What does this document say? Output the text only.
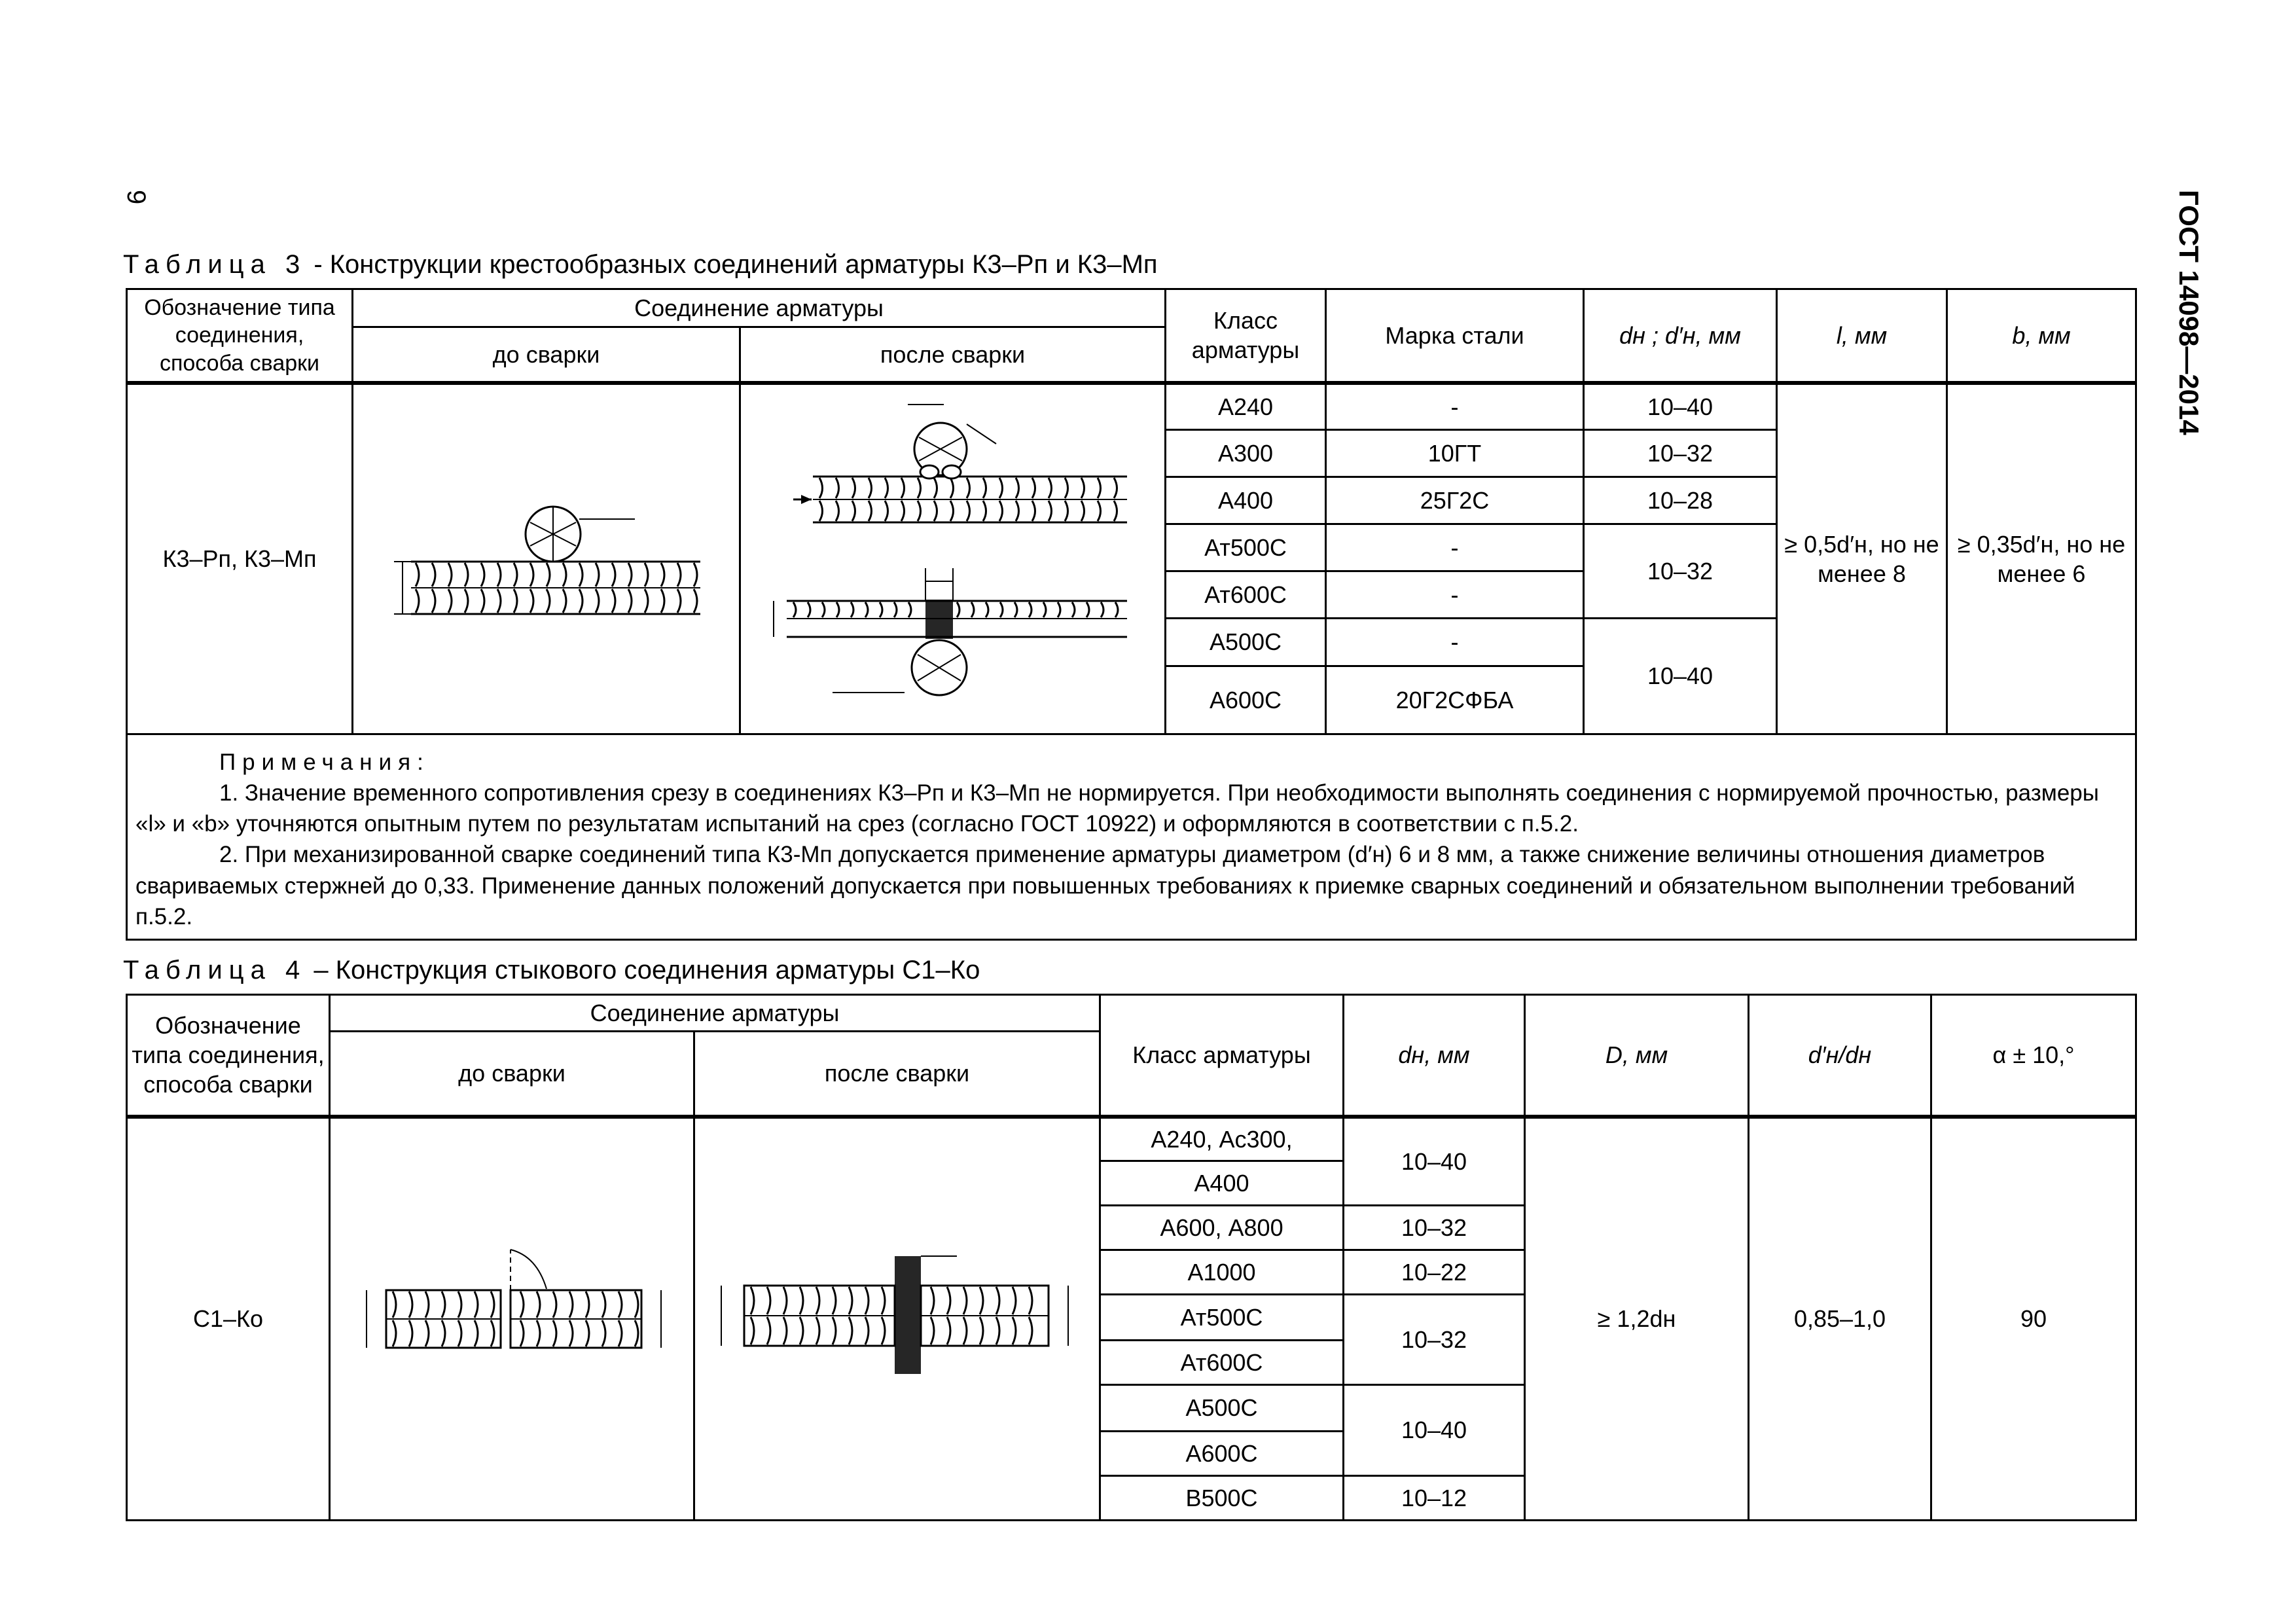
9	ГОСТ 14098—2014
Таблица 3 - Конструкции крестообразных соединений арматуры К3–Рп и К3–Мп
Обозначение типа соединения, способа сварки	Соединение арматуры		Класс арматуры	Марка стали	dн ; d′н, мм	l, мм	b, мм
	до сварки	после сварки					
К3–Рп, К3–Мп			А240	-	10–40	≥ 0,5d′н, но не менее 8	≥ 0,35d′н, но не менее 6
			А300	10ГТ	10–32		
			А400	25Г2С	10–28		
			Ат500С	-	10–32		
			Ат600С	-			
			А500С	-	10–40		
			А600С	20Г2СФБА			

Примечания:

1. Значение временного сопротивления срезу в соединениях К3–Рп и К3–Мп не нормируется. При необходимости выполнять соединения с нормируемой прочностью, размеры «l» и «b» уточняются опытным путем по результатам испытаний на срез (согласно ГОСТ 10922) и оформляются в соответствии с п.5.2.

2. При механизированной сварке соединений типа К3-Мп допускается применение арматуры диаметром (d′н) 6 и 8 мм, а также снижение величины отношения диаметров свариваемых стержней до 0,33. Применение данных положений допускается при повышенных требованиях к приемке сварных соединений и обязательном выполнении требований п.5.2.							

Таблица 4 – Конструкция стыкового соединения арматуры С1–Ко
Обозначение типа соединения, способа сварки	Соединение арматуры		Класс арматуры	dн, мм	D, мм	d′н/dн	α ± 10,°
	до сварки	после сварки					
С1–Ко			А240, Ас300,	10–40	≥ 1,2dн	0,85–1,0	90
			А400				
			А600, А800	10–32			
			А1000	10–22			
			Ат500С	10–32			
			Ат600С				
			А500С	10–40			
			А600С				
			В500С	10–12			
